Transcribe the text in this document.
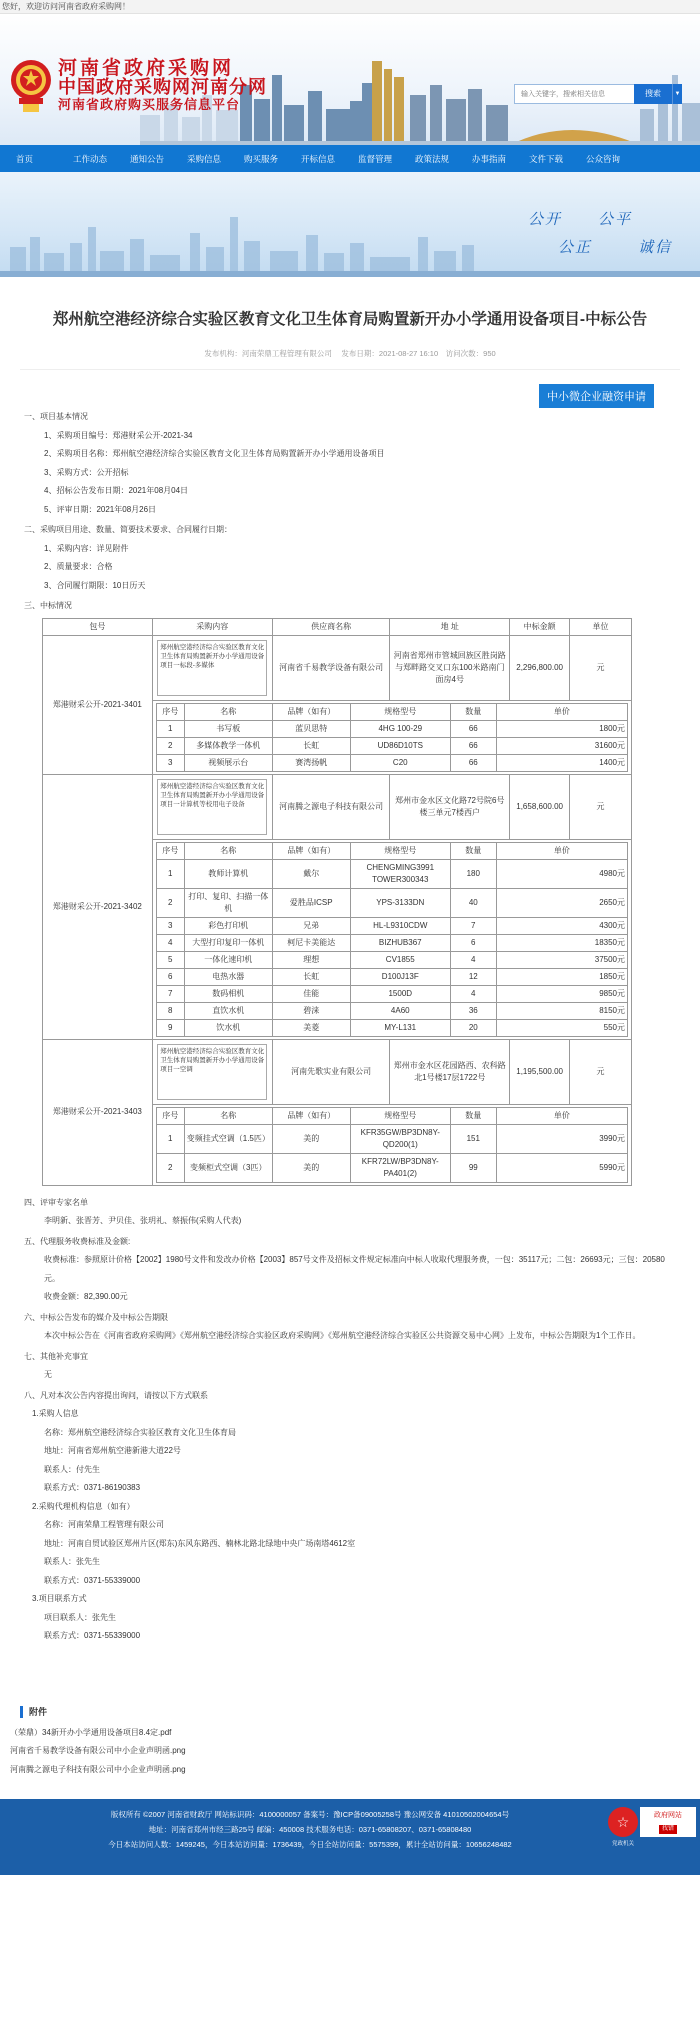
您好，欢迎访问河南省政府采购网！
河南省政府采购网
中国政府采购网河南分网
河南省政府购买服务信息平台
输入关键字，搜索相关信息
搜索	▼
首页	工作动态	通知公告	采购信息	购买服务	开标信息	监督管理	政策法规	办事指南	文件下载	公众咨询
公开 公平
公正	诚信
郑州航空港经济综合实验区教育文化卫生体育局购置新开办小学通用设备项目-中标公告
发布机构：河南荣鼎工程管理有限公司　 发布日期：2021-08-27 16:10　访问次数：950
中小微企业融资申请
一、项目基本情况
1、采购项目编号：郑港财采公开-2021-34
2、采购项目名称：郑州航空港经济综合实验区教育文化卫生体育局购置新开办小学通用设备项目
3、采购方式：公开招标
4、招标公告发布日期：2021年08月04日
5、评审日期：2021年08月26日
二、采购项目用途、数量、简要技术要求、合同履行日期：
1、采购内容：详见附件
2、质量要求：合格
3、合同履行期限：10日历天
三、中标情况
包号	采购内容	供应商名称	地 址	中标金额	单位
郑港财采公开-2021-3401	
郑州航空港经济综合实验区教育文化卫生体育局购置新开办小学通用设备项目一标段-多媒体	河南省千易教学设备有限公司	河南省郑州市管城回族区胜岗路与郑畔路交叉口东100米路南门面房4号	2,296,800.00	元

序号	名称	品牌（如有）	规格型号	数量	单价
1	书写板	蓝贝思特	4HG 100-29	66	1800元
2	多媒体教学一体机	长虹	UD86D10TS	66	31600元
3	视频展示台	赛湾扬帆	C20	66	1400元

郑港财采公开-2021-3402	
郑州航空港经济综合实验区教育文化卫生体育局购置新开办小学通用设备项目一计算机等校用电子设备	河南腾之源电子科技有限公司	郑州市金水区文化路72号院6号楼三单元7楼西户	1,658,600.00	元

序号	名称	品牌（如有）	规格型号	数量	单价
1	教师计算机	戴尔	CHENGMING3991 TOWER300343	180	4980元
2	打印、复印、扫描一体机	爱胜品ICSP	YPS-3133DN	40	2650元
3	彩色打印机	兄弟	HL-L9310CDW	7	4300元
4	大型打印复印一体机	柯尼卡美能达	BIZHUB367	6	18350元
5	一体化速印机	理想	CV1855	4	37500元
6	电热水器	长虹	D100J13F	12	1850元
7	数码相机	佳能	1500D	4	9850元
8	直饮水机	碧涞	4A60	36	8150元
9	饮水机	美菱	MY-L131	20	550元

郑港财采公开-2021-3403	
郑州航空港经济综合实验区教育文化卫生体育局购置新开办小学通用设备项目一空调	河南先歌实业有限公司	郑州市金水区花园路西、农科路北1号楼17层1722号	1,195,500.00	元

序号	名称	品牌（如有）	规格型号	数量	单价
1	变频挂式空调（1.5匹）	美的	KFR35GW/BP3DN8Y-QD200(1)	151	3990元
2	变频柜式空调（3匹）	美的	KFR72LW/BP3DN8Y-PA401(2)	99	5990元
四、评审专家名单
李明新、张晋芳、尹贝佳、张玥礼、蔡振伟(采购人代表)
五、代理服务收费标准及金额:
收费标准：参照原计价格【2002】1980号文件和发改办价格【2003】857号文件及招标文件规定标准向中标人收取代理服务费，一包：35117元；二包：26693元；三包：20580元。
收费金额：82,390.00元
六、中标公告发布的媒介及中标公告期限
本次中标公告在《河南省政府采购网》《郑州航空港经济综合实验区政府采购网》《郑州航空港经济综合实验区公共资源交易中心网》上发布，中标公告期限为1个工作日。
七、其他补充事宜
无
八、凡对本次公告内容提出询问，请按以下方式联系
1.采购人信息
名称：郑州航空港经济综合实验区教育文化卫生体育局
地址：河南省郑州航空港新港大道22号
联系人：付先生
联系方式：0371-86190383
2.采购代理机构信息（如有）
名称：河南荣鼎工程管理有限公司
地址：河南自贸试验区郑州片区(郑东)东风东路西、楠林北路北绿地中央广场南塔4612室
联系人：张先生
联系方式：0371-55339000
3.项目联系方式
项目联系人：张先生
联系方式：0371-55339000
附件
（荣鼎）34新开办小学通用设备项目8.4定.pdf
河南省千易教学设备有限公司中小企业声明函.png
河南腾之源电子科技有限公司中小企业声明函.png
版权所有 ©2007 河南省财政厅 网站标识码：4100000057 备案号：豫ICP备09005258号 豫公网安备 41010502004654号
地址：河南省郑州市经三路25号 邮编：450008 技术服务电话：0371-65808207、0371-65808480
今日本站访问人数：1459245，今日本站访问量：1736439，今日全站访问量：5575399，累计全站访问量：10656248482
☆
党政机关
政府网站
找错
